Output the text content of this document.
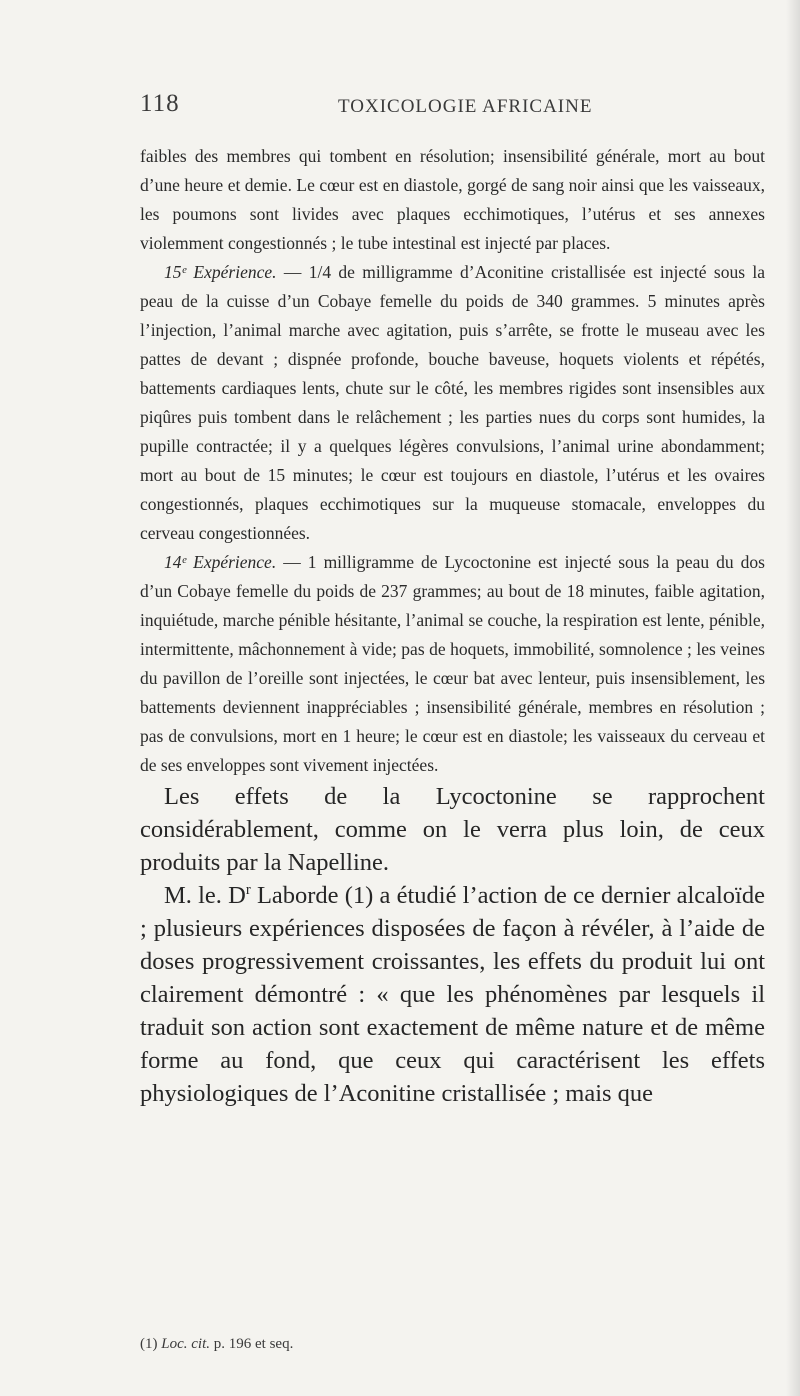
118	TOXICOLOGIE AFRICAINE

faibles des membres qui tombent en résolution; insensibilité générale, mort au bout d’une heure et demie. Le cœur est en diastole, gorgé de sang noir ainsi que les vaisseaux, les poumons sont livides avec plaques ecchimotiques, l’utérus et ses annexes violemment congestionnés ; le tube intestinal est injecté par places.

15ᵉ Expérience. — 1/4 de milligramme d’Aconitine cristallisée est injecté sous la peau de la cuisse d’un Cobaye femelle du poids de 340 grammes. 5 minutes après l’injection, l’animal marche avec agitation, puis s’arrête, se frotte le museau avec les pattes de devant ; dispnée profonde, bouche baveuse, hoquets violents et répétés, battements cardiaques lents, chute sur le côté, les membres rigides sont insensibles aux piqûres puis tombent dans le relâchement ; les parties nues du corps sont humides, la pupille contractée; il y a quelques légères convulsions, l’animal urine abondamment; mort au bout de 15 minutes; le cœur est toujours en diastole, l’utérus et les ovaires congestionnés, plaques ecchimotiques sur la muqueuse stomacale, enveloppes du cerveau congestionnées.

14ᵉ Expérience. — 1 milligramme de Lycoctonine est injecté sous la peau du dos d’un Cobaye femelle du poids de 237 grammes; au bout de 18 minutes, faible agitation, inquiétude, marche pénible hésitante, l’animal se couche, la respiration est lente, pénible, intermittente, mâchonnement à vide; pas de hoquets, immobilité, somnolence ; les veines du pavillon de l’oreille sont injectées, le cœur bat avec lenteur, puis insensiblement, les battements deviennent inappréciables ; insensibilité générale, membres en résolution ; pas de convulsions, mort en 1 heure; le cœur est en diastole; les vaisseaux du cerveau et de ses enveloppes sont vivement injectées.

Les effets de la Lycoctonine se rapprochent considérablement, comme on le verra plus loin, de ceux produits par la Napelline.

M. le. $D^r$ Laborde (1) a étudié l’action de ce dernier alcaloïde ; plusieurs expériences disposées de façon à révéler, à l’aide de doses progressivement croissantes, les effets du produit lui ont clairement démontré : « que les phénomènes par lesquels il traduit son action sont exactement de même nature et de même forme au fond, que ceux qui caractérisent les effets physiologiques de l’Aconitine cristallisée ; mais que

(1) Loc. cit. p. 196 et seq.
